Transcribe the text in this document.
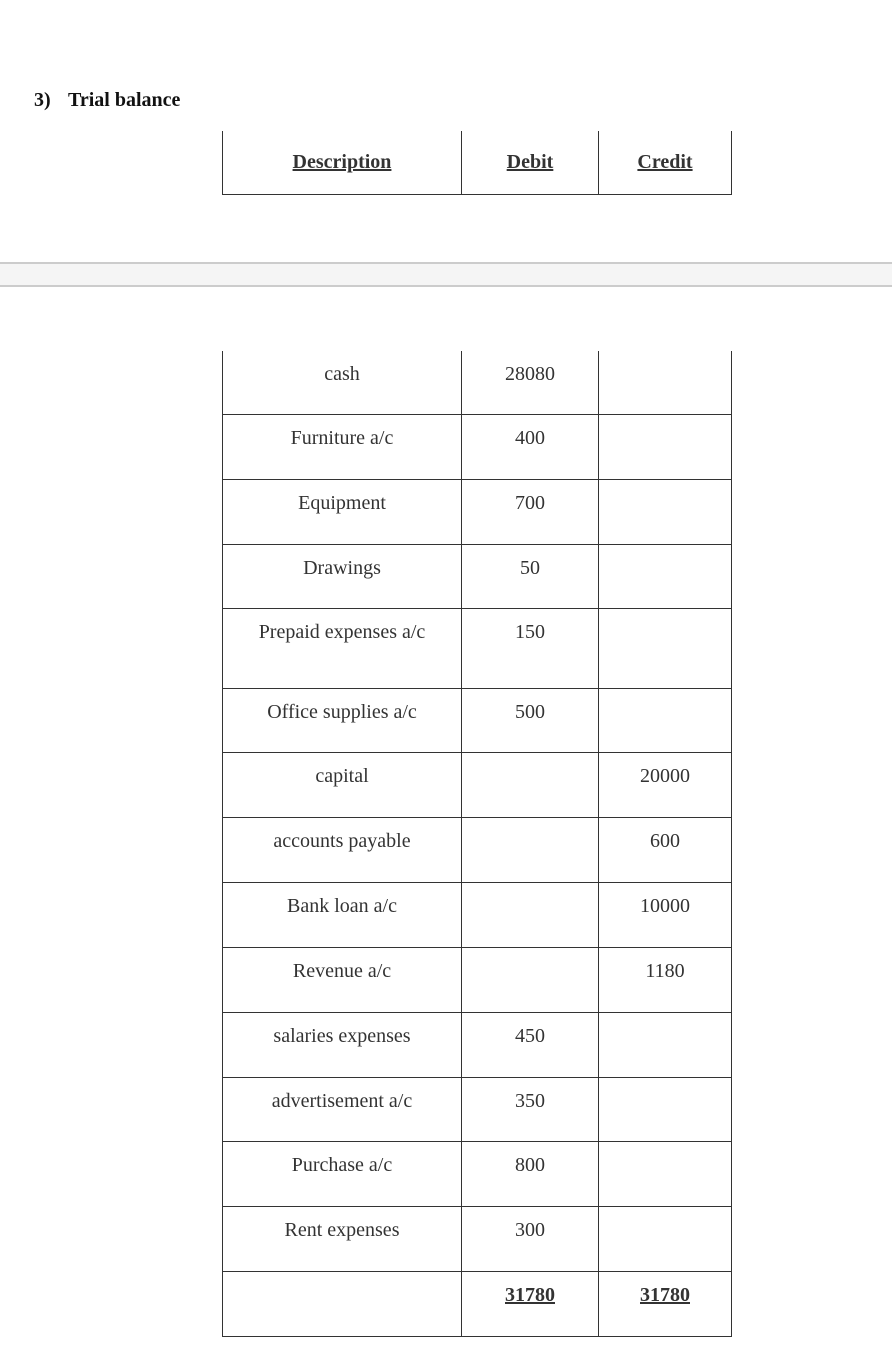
3) Trial balance
Description	Debit	Credit
cash	28080	

Furniture a/c	400	

Equipment	700	

Drawings	50	

Prepaid expenses a/c	150	

Office supplies a/c	500	

capital		20000

accounts payable		600

Bank loan a/c		10000

Revenue a/c		1180

salaries expenses	450	

advertisement a/c	350	

Purchase a/c	800	

Rent expenses	300	

	31780	31780
